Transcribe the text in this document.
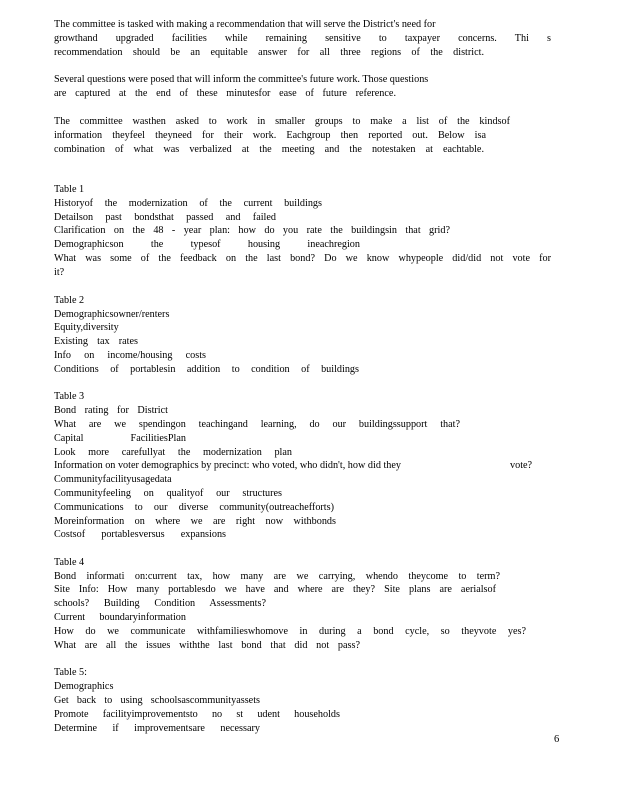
The committee is tasked with making a recommendation that will serve the District's need for
growthand upgraded facilities while remaining sensitive to taxpayer concerns. Thi s
recommendation should be an equitable answer for all three regions of the district.
Several questions were posed that will inform the committee's future work. Those questions
are captured at the end of these minutesfor ease of future reference.
The committee wasthen asked to work in smaller groups to make a list of the kindsof
information theyfeel theyneed for their work. Eachgroup then reported out. Below isa
combination of what was verbalized at the meeting and the notestaken at eachtable.
Table 1
Historyof the modernization of the current buildings
Detailson past bondsthat passed and failed
Clarification on the 48 - year plan: how do you rate the buildingsin that grid?
Demographicson the typesof housing ineachregion
What was some of the feedback on the last bond? Do we know whypeople did/did not vote for
it?
Table 2
Demographicsowner/renters
Equity,diversity
Existing tax rates
Info on income/housing costs
Conditions of portablesin addition to condition of buildings
Table 3
Bond rating for District
What are we spendingon teachingand learning, do our buildingssupport that?
Capital FacilitiesPlan
Look more carefullyat the modernization plan
Information on voter demographics by precinct: who voted, who didn't, how did they	vote?
Communityfacilityusagedata
Communityfeeling on qualityof our structures
Communications to our diverse community(outreachefforts)
Moreinformation on where we are right now withbonds
Costsof portablesversus expansions
Table 4
Bond informati on:current tax, how many are we carrying, whendo theycome to term?
Site Info: How many portablesdo we have and where are they? Site plans are aerialsof
schools? Building Condition Assessments?
Current boundaryinformation
How do we communicate withfamilieswhomove in during a bond cycle, so theyvote yes?
What are all the issues withthe last bond that did not pass?
Table 5:
Demographics
Get back to using schoolsascommunityassets
Promote facilityimprovementsto no st udent households
Determine if improvementsare necessary
6
